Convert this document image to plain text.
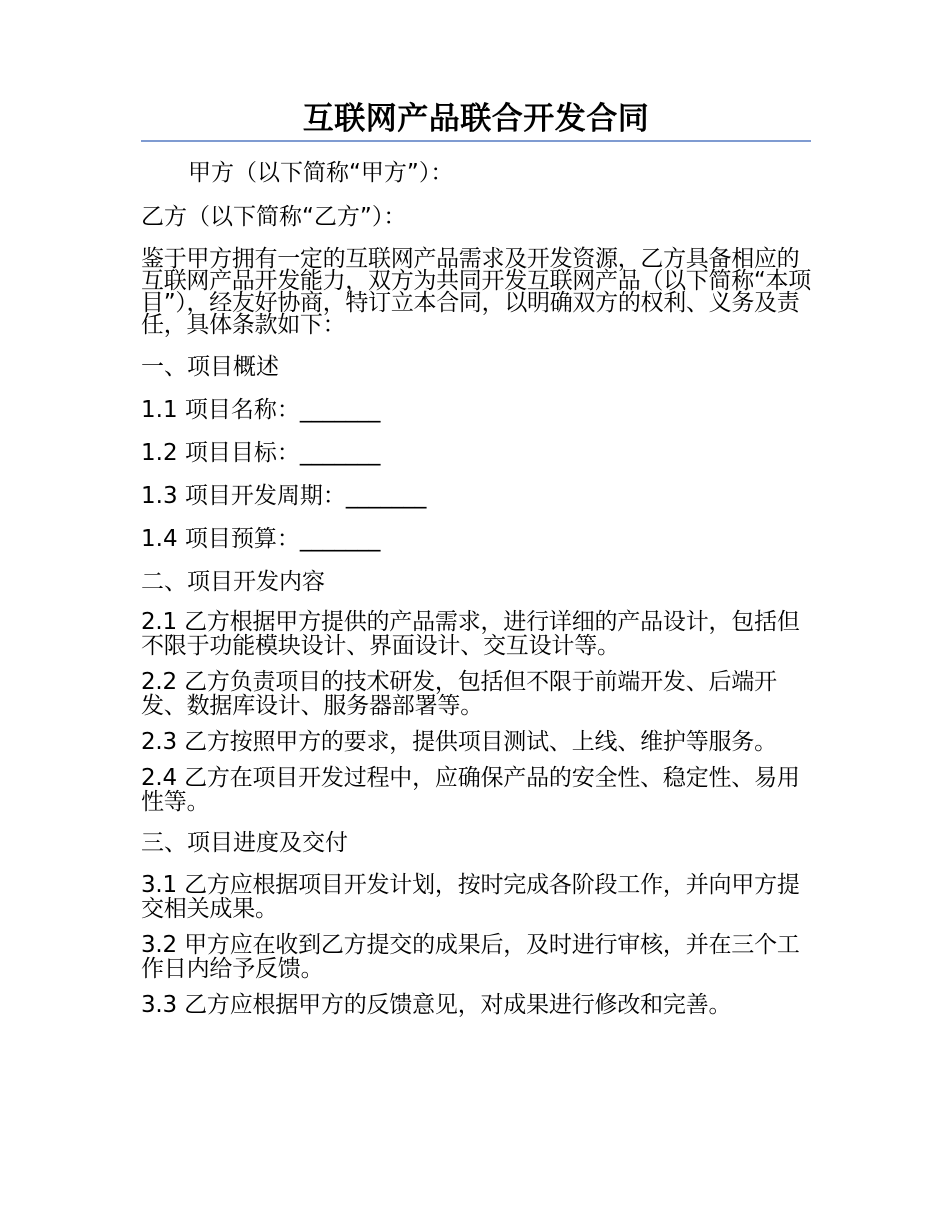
互联网产品联合开发合同
甲方（以下简称“甲方”）：
乙方（以下简称“乙方”）：
鉴于甲方拥有一定的互联网产品需求及开发资源，乙方具备相应的互联网产品开发能力，双方为共同开发互联网产品（以下简称“本项目”），经友好协商，特订立本合同，以明确双方的权利、义务及责任，具体条款如下：
一、项目概述
1.1 项目名称：_______
1.2 项目目标：_______
1.3 项目开发周期：_______
1.4 项目预算：_______
二、项目开发内容
2.1 乙方根据甲方提供的产品需求，进行详细的产品设计，包括但不限于功能模块设计、界面设计、交互设计等。
2.2 乙方负责项目的技术研发，包括但不限于前端开发、后端开发、数据库设计、服务器部署等。
2.3 乙方按照甲方的要求，提供项目测试、上线、维护等服务。
2.4 乙方在项目开发过程中，应确保产品的安全性、稳定性、易用性等。
三、项目进度及交付
3.1 乙方应根据项目开发计划，按时完成各阶段工作，并向甲方提交相关成果。
3.2 甲方应在收到乙方提交的成果后，及时进行审核，并在三个工作日内给予反馈。
3.3 乙方应根据甲方的反馈意见，对成果进行修改和完善。
